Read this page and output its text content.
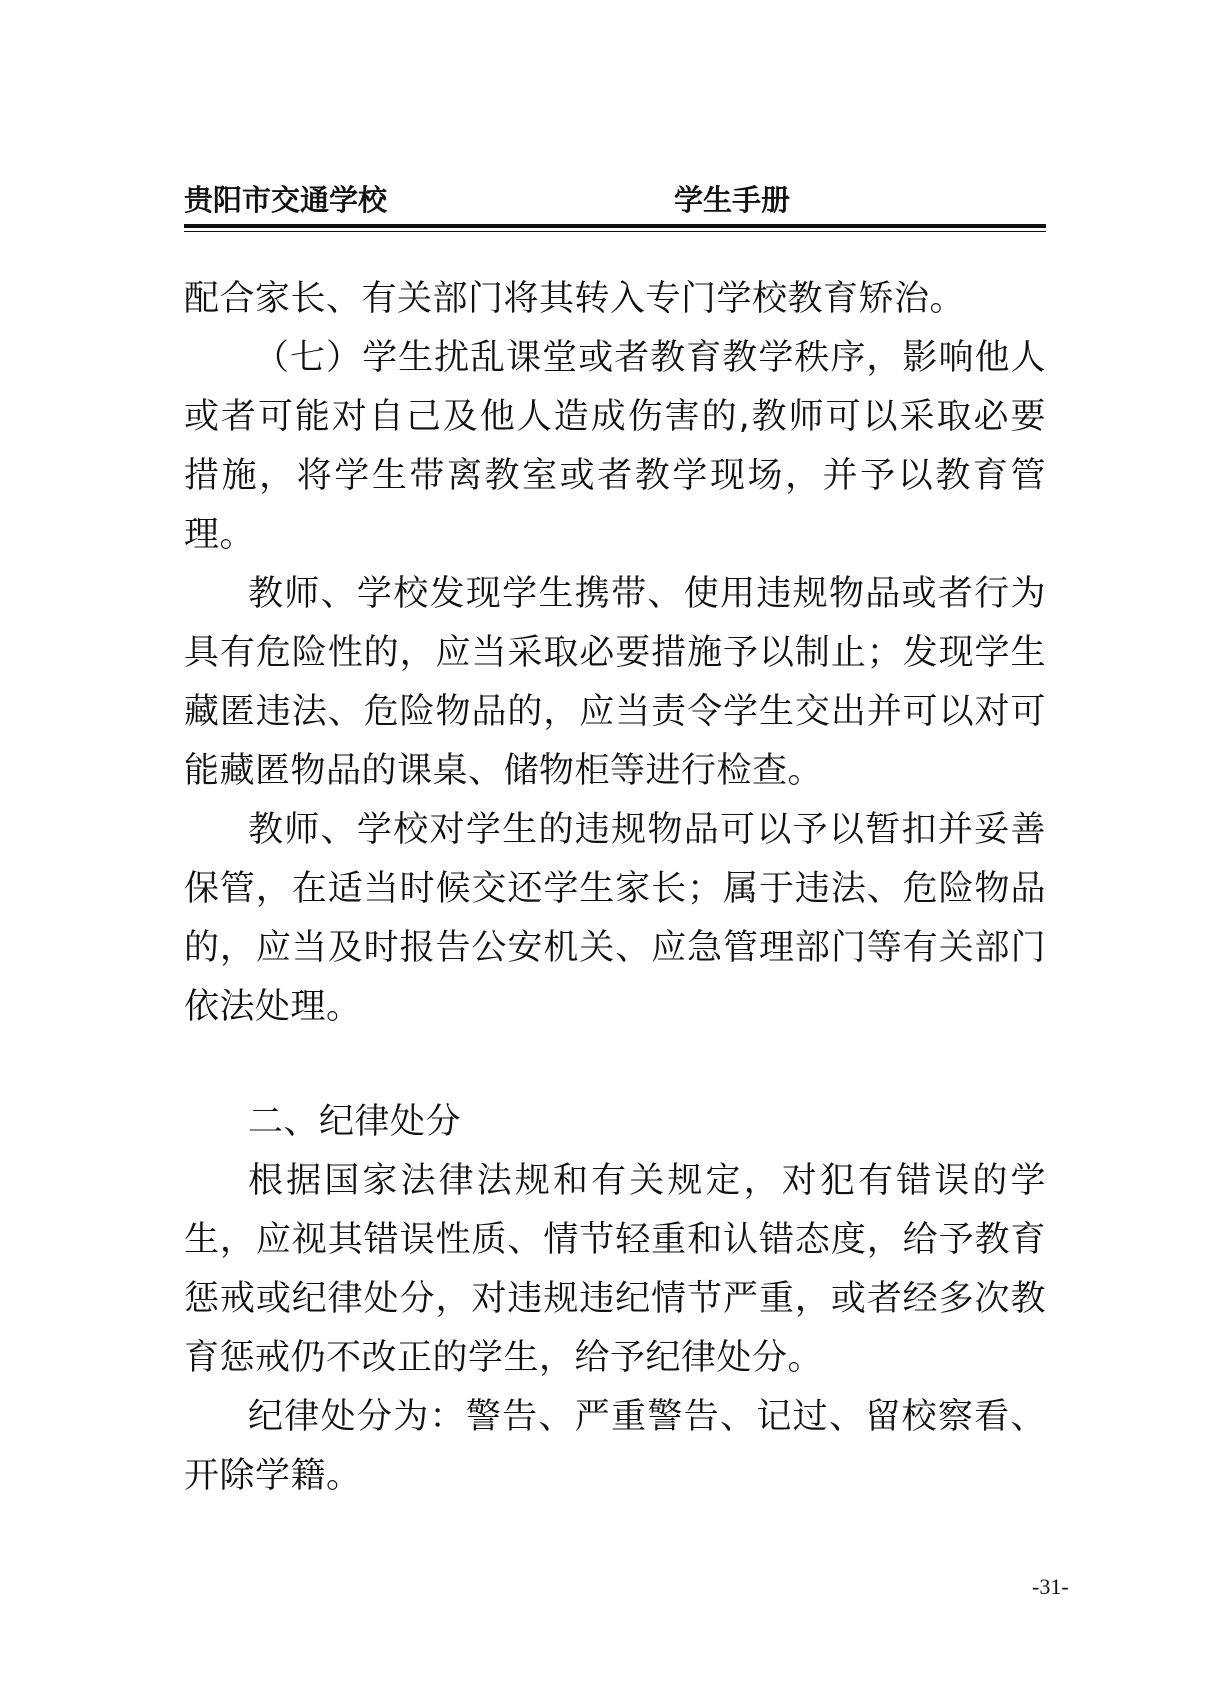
贵阳市交通学校	学生手册

配合家长、有关部门将其转入专门学校教育矫治。

（七）学生扰乱课堂或者教育教学秩序，影响他人或者可能对自己及他人造成伤害的,教师可以采取必要措施，将学生带离教室或者教学现场，并予以教育管理。

教师、学校发现学生携带、使用违规物品或者行为具有危险性的，应当采取必要措施予以制止；发现学生藏匿违法、危险物品的，应当责令学生交出并可以对可能藏匿物品的课桌、储物柜等进行检查。

教师、学校对学生的违规物品可以予以暂扣并妥善保管，在适当时候交还学生家长；属于违法、危险物品的，应当及时报告公安机关、应急管理部门等有关部门依法处理。

二、纪律处分

根据国家法律法规和有关规定，对犯有错误的学生，应视其错误性质、情节轻重和认错态度，给予教育惩戒或纪律处分，对违规违纪情节严重，或者经多次教育惩戒仍不改正的学生，给予纪律处分。

纪律处分为：警告、严重警告、记过、留校察看、开除学籍。

-31-
